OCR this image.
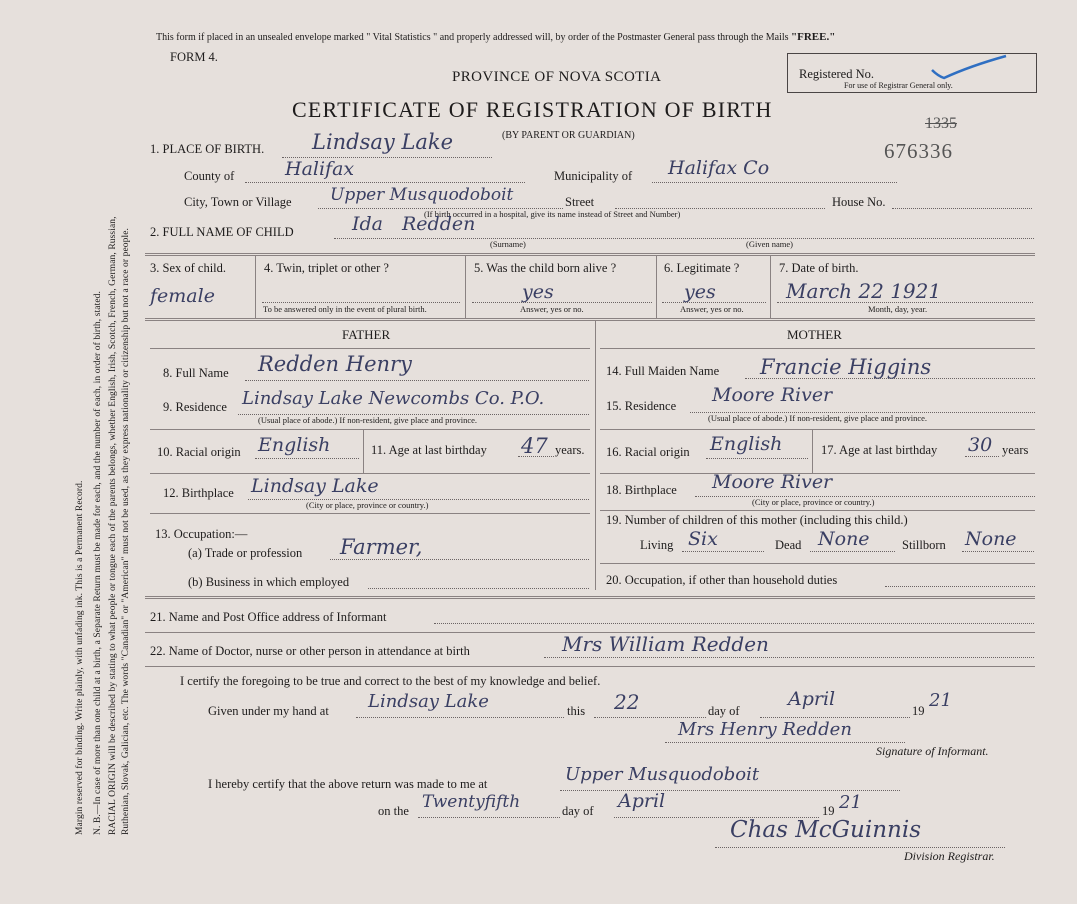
Margin reserved for binding. Write plainly, with unfading ink. This is a Permanent Record. N. B.—In case of more than one child at a birth, a Separate Return must be made for each, and the number of each, in order of birth, stated. RACIAL ORIGIN will be described by stating to what people or tongue each of the parents belongs, whether English, Irish, Scotch, French, German, Russian, Ruthenian, Slovak, Galician, etc. The words "Canadian" or "American" must not be used, as they express nationality or citizenship but not a race or people.
This form if placed in an unsealed envelope marked " Vital Statistics " and properly addressed will, by order of the Postmaster General pass through the Mails "FREE."
FORM 4.
Registered No.
For use of Registrar General only.
PROVINCE OF NOVA SCOTIA
CERTIFICATE OF REGISTRATION OF BIRTH
(BY PARENT OR GUARDIAN)
1335
676336
1. PLACE OF BIRTH. Lindsay Lake
County of	Halifax	Municipality of Halifax Co
City, Town or Village Upper Musquodoboit	Street	House No.
(If birth occurred in a hospital, give its name instead of Street and Number)
2. FULL NAME OF CHILD	Ida Redden
(Surname)	(Given name)
3. Sex of child.
female
4. Twin, triplet or other ?
To be answered only in the event of plural birth.
5. Was the child born alive ?
yes
Answer, yes or no.
6. Legitimate ?
yes
Answer, yes or no.
7. Date of birth.
March 22 1921
Month, day, year.
FATHER	MOTHER
8. Full Name Redden Henry
9. Residence Lindsay Lake Newcombs Co. P.O.
(Usual place of abode.) If non-resident, give place and province.
10. Racial origin English	11. Age at last birthday 47 years.
12. Birthplace Lindsay Lake
(City or place, province or country.)
13. Occupation:—
(a) Trade or profession Farmer,
(b) Business in which employed
14. Full Maiden Name Francie Higgins
15. Residence Moore River
(Usual place of abode.) If non-resident, give place and province.
16. Racial origin English	17. Age at last birthday 30 years
18. Birthplace Moore River
(City or place, province or country.)
19. Number of children of this mother (including this child.)
Living Six	Dead None	Stillborn None
20. Occupation, if other than household duties
21. Name and Post Office address of Informant
22. Name of Doctor, nurse or other person in attendance at birth	Mrs William Redden
I certify the foregoing to be true and correct to the best of my knowledge and belief.
Given under my hand at Lindsay Lake	this 22	day of
April
19 21
Mrs Henry Redden
Signature of Informant.
I hereby certify that the above return was made to me at	Upper Musquodoboit
on the Twentyfifth	day of April	19 21
Chas McGuinnis
Division Registrar.
